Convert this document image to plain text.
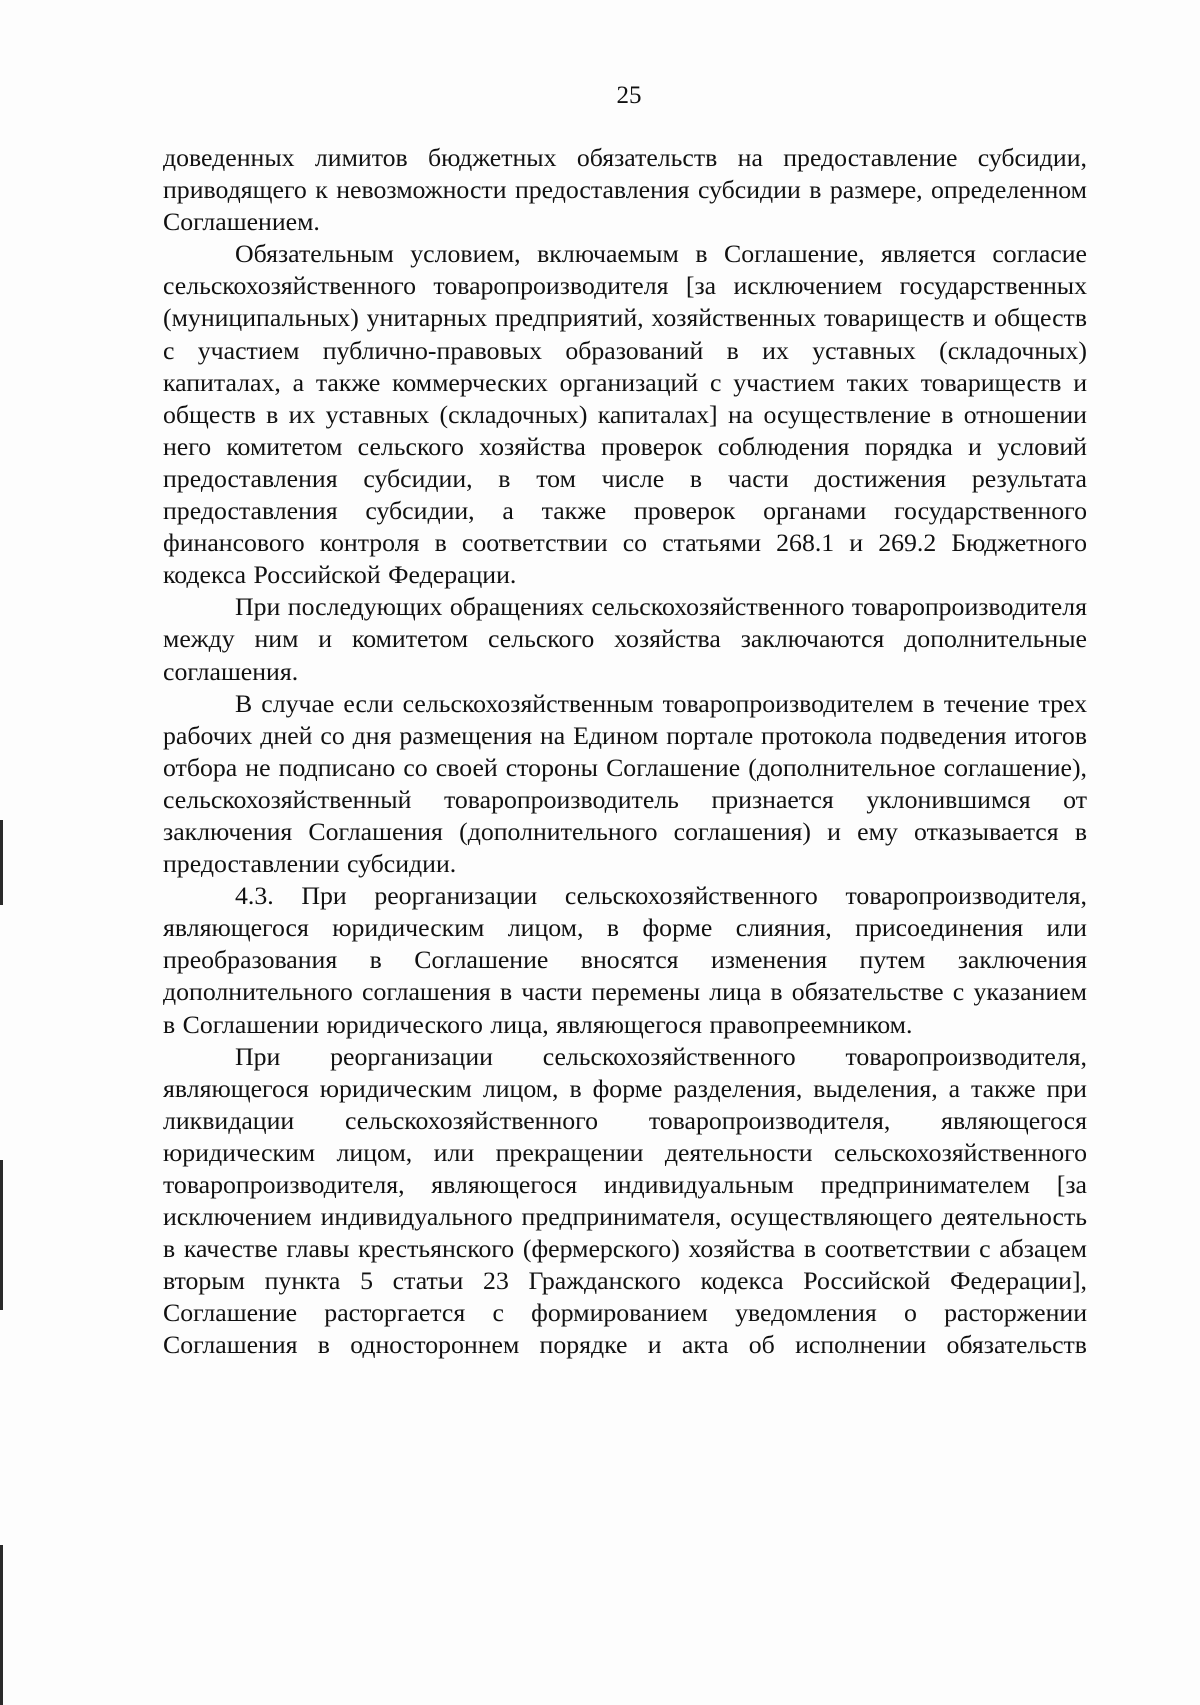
25

доведенных лимитов бюджетных обязательств на предоставление субсидии, приводящего к невозможности предоставления субсидии в размере, определенном Соглашением.

Обязательным условием, включаемым в Соглашение, является согласие сельскохозяйственного товаропроизводителя [за исключением государственных (муниципальных) унитарных предприятий, хозяйственных товариществ и обществ с участием публично-правовых образований в их уставных (складочных) капиталах, а также коммерческих организаций с участием таких товариществ и обществ в их уставных (складочных) капиталах] на осуществление в отношении него комитетом сельского хозяйства проверок соблюдения порядка и условий предоставления субсидии, в том числе в части достижения результата предоставления субсидии, а также проверок органами государственного финансового контроля в соответствии со статьями 268.1 и 269.2 Бюджетного кодекса Российской Федерации.

При последующих обращениях сельскохозяйственного товаропроизводителя между ним и комитетом сельского хозяйства заключаются дополнительные соглашения.

В случае если сельскохозяйственным товаропроизводителем в течение трех рабочих дней со дня размещения на Едином портале протокола подведения итогов отбора не подписано со своей стороны Соглашение (дополнительное соглашение), сельскохозяйственный товаропроизводитель признается уклонившимся от заключения Соглашения (дополнительного соглашения) и ему отказывается в предоставлении субсидии.

4.3. При реорганизации сельскохозяйственного товаропроизводителя, являющегося юридическим лицом, в форме слияния, присоединения или преобразования в Соглашение вносятся изменения путем заключения дополнительного соглашения в части перемены лица в обязательстве с указанием в Соглашении юридического лица, являющегося правопреемником.

При реорганизации сельскохозяйственного товаропроизводителя, являющегося юридическим лицом, в форме разделения, выделения, а также при ликвидации сельскохозяйственного товаропроизводителя, являющегося юридическим лицом, или прекращении деятельности сельскохозяйственного товаропроизводителя, являющегося индивидуальным предпринимателем [за исключением индивидуального предпринимателя, осуществляющего деятельность в качестве главы крестьянского (фермерского) хозяйства в соответствии с абзацем вторым пункта 5 статьи 23 Гражданского кодекса Российской Федерации], Соглашение расторгается с формированием уведомления о расторжении Соглашения в одностороннем порядке и акта об исполнении обязательств
